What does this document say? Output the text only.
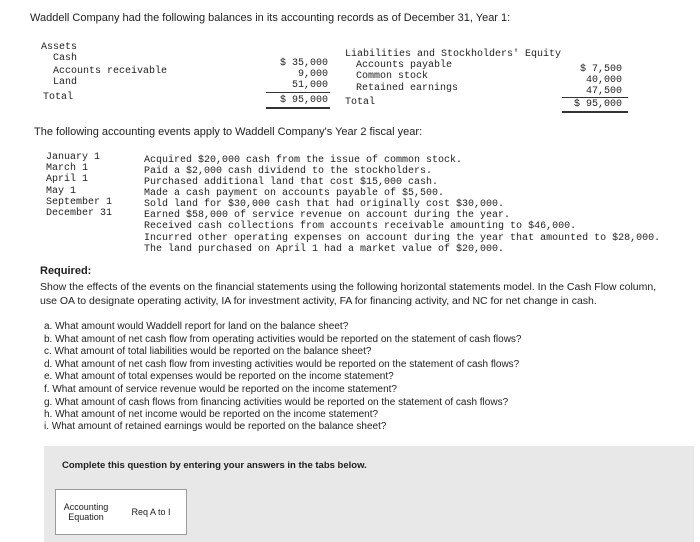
Waddell Company had the following balances in its accounting records as of December 31, Year 1:
Assets
Cash
Accounts receivable
Land
Total
$ 35,000
9,000
51,000
$ 95,000
Liabilities and Stockholders' Equity
Accounts payable
Common stock
Retained earnings
Total
$ 7,500
40,000
47,500
$ 95,000
The following accounting events apply to Waddell Company's Year 2 fiscal year:
January 1
March 1
April 1
May 1
September 1
December 31
Acquired $20,000 cash from the issue of common stock.
Paid a $2,000 cash dividend to the stockholders.
Purchased additional land that cost $15,000 cash.
Made a cash payment on accounts payable of $5,500.
Sold land for $30,000 cash that had originally cost $30,000.
Earned $58,000 of service revenue on account during the year.
Received cash collections from accounts receivable amounting to $46,000.
Incurred other operating expenses on account during the year that amounted to $28,000.
The land purchased on April 1 had a market value of $20,000.
Required:
Show the effects of the events on the financial statements using the following horizontal statements model. In the Cash Flow column,
use OA to designate operating activity, IA for investment activity, FA for financing activity, and NC for net change in cash.
a. What amount would Waddell report for land on the balance sheet?
b. What amount of net cash flow from operating activities would be reported on the statement of cash flows?
c. What amount of total liabilities would be reported on the balance sheet?
d. What amount of net cash flow from investing activities would be reported on the statement of cash flows?
e. What amount of total expenses would be reported on the income statement?
f. What amount of service revenue would be reported on the income statement?
g. What amount of cash flows from financing activities would be reported on the statement of cash flows?
h. What amount of net income would be reported on the income statement?
i. What amount of retained earnings would be reported on the balance sheet?
Complete this question by entering your answers in the tabs below.
Accounting
Equation	Req A to I
